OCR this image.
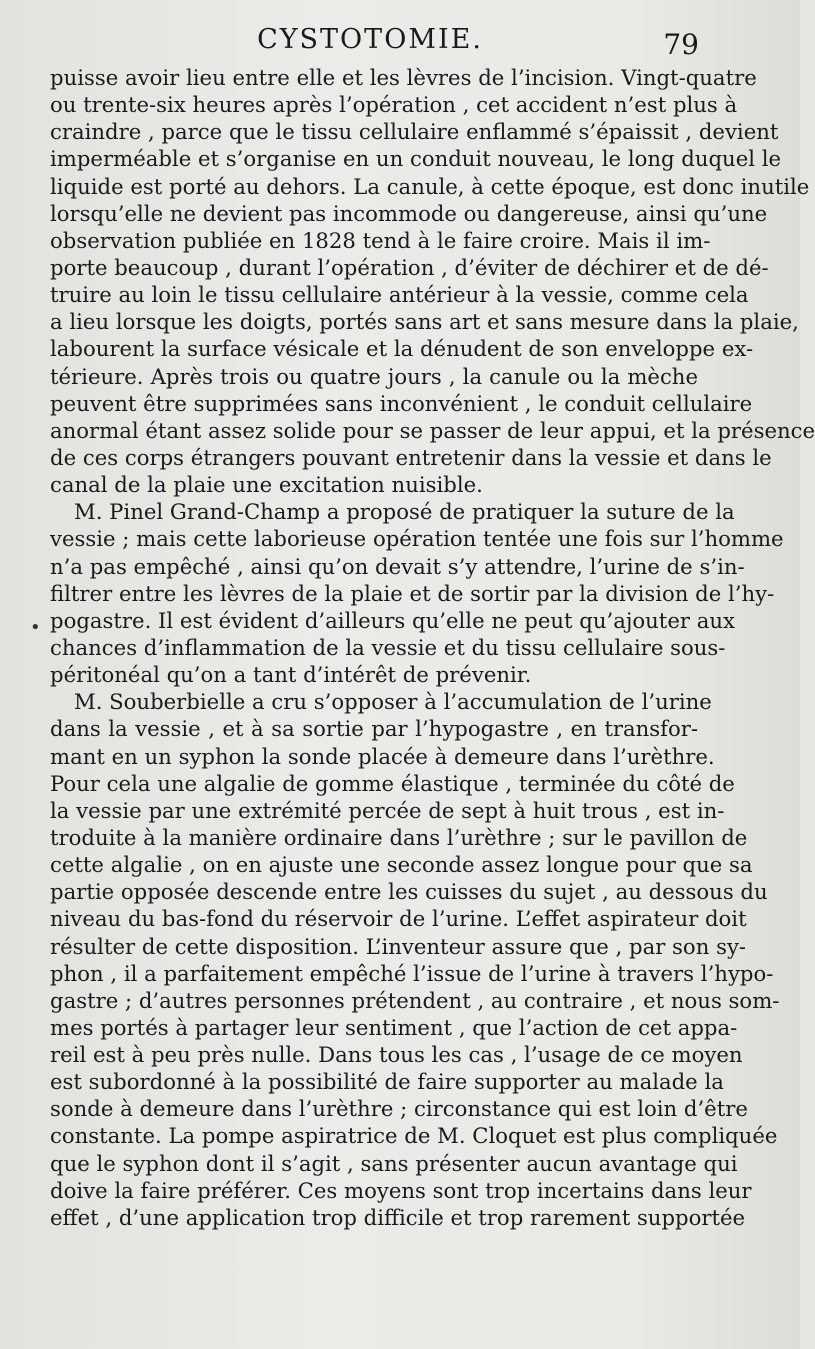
CYSTOTOMIE.	79
•
puisse avoir lieu entre elle et les lèvres de l’incision. Vingt-quatre
ou trente-six heures après l’opération , cet accident n’est plus à
craindre , parce que le tissu cellulaire enflammé s’épaissit , devient
imperméable et s’organise en un conduit nouveau, le long duquel le
liquide est porté au dehors. La canule, à cette époque, est donc inutile
lorsqu’elle ne devient pas incommode ou dangereuse, ainsi qu’une
observation publiée en 1828 tend à le faire croire. Mais il im-
porte beaucoup , durant l’opération , d’éviter de déchirer et de dé-
truire au loin le tissu cellulaire antérieur à la vessie, comme cela
a lieu lorsque les doigts, portés sans art et sans mesure dans la plaie,
labourent la surface vésicale et la dénudent de son enveloppe ex-
térieure. Après trois ou quatre jours , la canule ou la mèche
peuvent être supprimées sans inconvénient , le conduit cellulaire
anormal étant assez solide pour se passer de leur appui, et la présence
de ces corps étrangers pouvant entretenir dans la vessie et dans le
canal de la plaie une excitation nuisible.
M. Pinel Grand-Champ a proposé de pratiquer la suture de la
vessie ; mais cette laborieuse opération tentée une fois sur l’homme
n’a pas empêché , ainsi qu’on devait s’y attendre, l’urine de s’in-
filtrer entre les lèvres de la plaie et de sortir par la division de l’hy-
pogastre. Il est évident d’ailleurs qu’elle ne peut qu’ajouter aux
chances d’inflammation de la vessie et du tissu cellulaire sous-
péritonéal qu’on a tant d’intérêt de prévenir.
M. Souberbielle a cru s’opposer à l’accumulation de l’urine
dans la vessie , et à sa sortie par l’hypogastre , en transfor-
mant en un syphon la sonde placée à demeure dans l’urèthre.
Pour cela une algalie de gomme élastique , terminée du côté de
la vessie par une extrémité percée de sept à huit trous , est in-
troduite à la manière ordinaire dans l’urèthre ; sur le pavillon de
cette algalie , on en ajuste une seconde assez longue pour que sa
partie opposée descende entre les cuisses du sujet , au dessous du
niveau du bas-fond du réservoir de l’urine. L’effet aspirateur doit
résulter de cette disposition. L’inventeur assure que , par son sy-
phon , il a parfaitement empêché l’issue de l’urine à travers l’hypo-
gastre ; d’autres personnes prétendent , au contraire , et nous som-
mes portés à partager leur sentiment , que l’action de cet appa-
reil est à peu près nulle. Dans tous les cas , l’usage de ce moyen
est subordonné à la possibilité de faire supporter au malade la
sonde à demeure dans l’urèthre ; circonstance qui est loin d’être
constante. La pompe aspiratrice de M. Cloquet est plus compliquée
que le syphon dont il s’agit , sans présenter aucun avantage qui
doive la faire préférer. Ces moyens sont trop incertains dans leur
effet , d’une application trop difficile et trop rarement supportée
